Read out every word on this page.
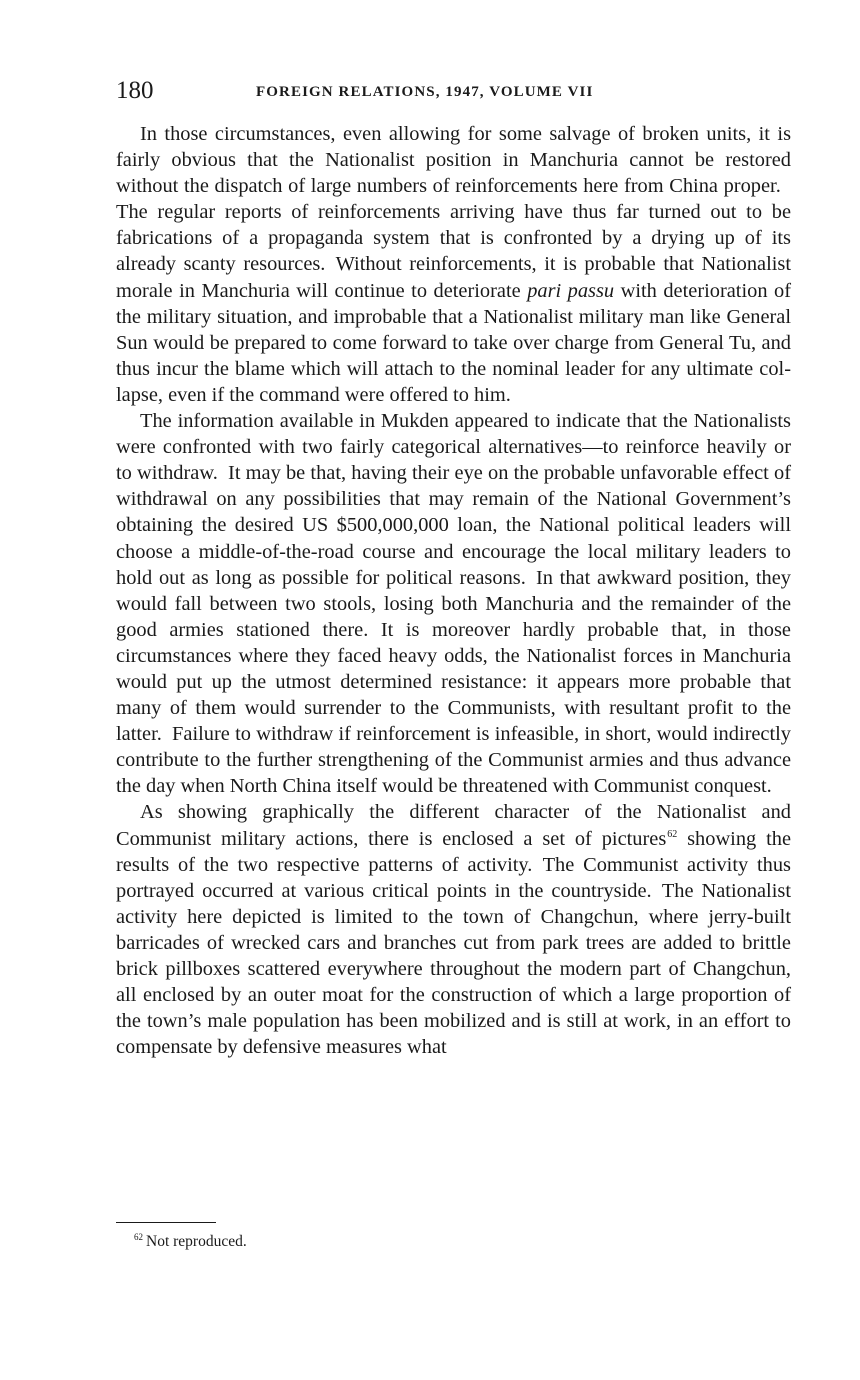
180	FOREIGN RELATIONS, 1947, VOLUME VII

In those circumstances, even allowing for some salvage of broken units, it is fairly obvious that the Nationalist position in Manchuria cannot be restored without the dispatch of large numbers of reinforcements here from China proper. The regular reports of reinforcements arriving have thus far turned out to be fabrications of a propaganda system that is confronted by a drying up of its already scanty resources. Without reinforcements, it is probable that Nationalist morale in Manchuria will continue to deteriorate pari passu with deterioration of the military situation, and improbable that a Nationalist military man like General Sun would be prepared to come forward to take over charge from General Tu, and thus incur the blame which will attach to the nominal leader for any ultimate collapse, even if the command were offered to him.

The information available in Mukden appeared to indicate that the Nationalists were confronted with two fairly categorical alternatives—to reinforce heavily or to withdraw. It may be that, having their eye on the probable unfavorable effect of withdrawal on any possibilities that may remain of the National Government’s obtaining the desired US $500,000,000 loan, the National political leaders will choose a middle-of-the-road course and encourage the local military leaders to hold out as long as possible for political reasons. In that awkward position, they would fall between two stools, losing both Manchuria and the remainder of the good armies stationed there. It is moreover hardly probable that, in those circumstances where they faced heavy odds, the Nationalist forces in Manchuria would put up the utmost determined resistance: it appears more probable that many of them would surrender to the Communists, with resultant profit to the latter. Failure to withdraw if reinforcement is infeasible, in short, would indirectly contribute to the further strengthening of the Communist armies and thus advance the day when North China itself would be threatened with Communist conquest.

As showing graphically the different character of the Nationalist and Communist military actions, there is enclosed a set of pictures$^{62}$ showing the results of the two respective patterns of activity. The Communist activity thus portrayed occurred at various critical points in the countryside. The Nationalist activity here depicted is limited to the town of Changchun, where jerry-built barricades of wrecked cars and branches cut from park trees are added to brittle brick pillboxes scattered everywhere throughout the modern part of Changchun, all enclosed by an outer moat for the construction of which a large proportion of the town’s male population has been mobilized and is still at work, in an effort to compensate by defensive measures what

$^{62}$ Not reproduced.
